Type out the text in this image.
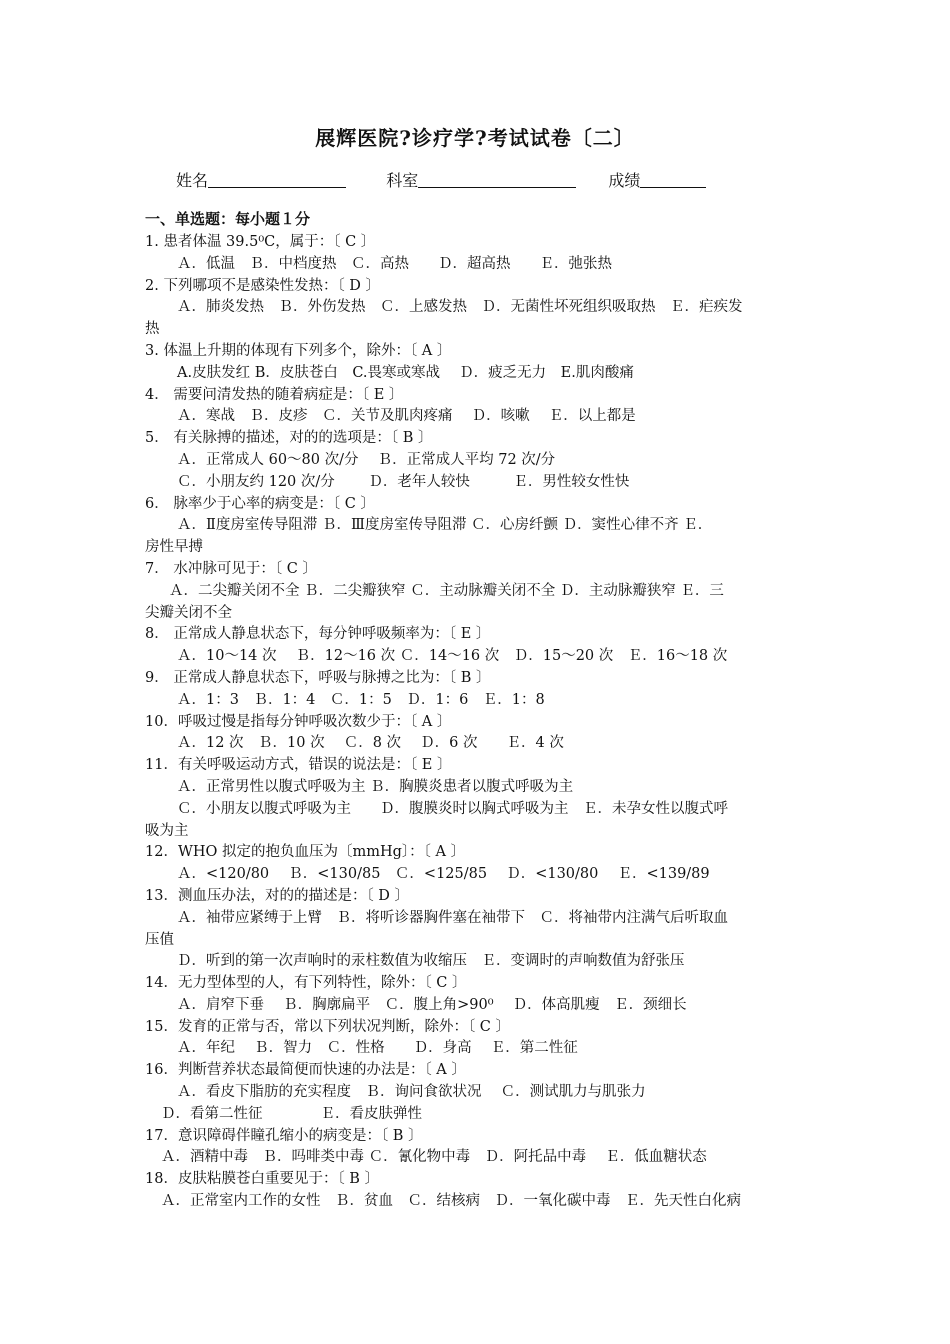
展辉医院?诊疗学?考试试卷〔二〕
姓名	科室	成绩
一、单选题：每小题１分
1. 患者体温 39.5⁰C，属于：〔 C 〕
Ａ．低温　Ｂ．中档度热　Ｃ．高热　　Ｄ．超高热　　Ｅ．弛张热
2. 下列哪项不是感染性发热：〔 D 〕
Ａ．肺炎发热　Ｂ．外伤发热　Ｃ．上感发热　Ｄ．无菌性坏死组织吸取热　Ｅ．疟疾发
热
3. 体温上升期的体现有下列多个，除外：〔 A 〕
A.皮肤发红 B．皮肤苍白　C.畏寒或寒战　 Ｄ．疲乏无力　E.肌肉酸痛
4． 需要问清发热的随着病症是：〔 E 〕
Ａ．寒战　Ｂ．皮疹　Ｃ．关节及肌肉疼痛　 Ｄ．咳嗽　 Ｅ．以上都是
5． 有关脉搏的描述，对的的选项是：〔 B 〕
Ａ．正常成人 60～80 次/分　 Ｂ．正常成人平均 72 次/分
Ｃ．小朋友约 120 次/分　　 Ｄ．老年人较快　　　Ｅ．男性较女性快
6． 脉率少于心率的病变是：〔 C 〕
Ａ．Ⅱ度房室传导阻滞 Ｂ．Ⅲ度房室传导阻滞 Ｃ．心房纤颤 Ｄ．窦性心律不齐 Ｅ．
房性早搏
7． 水冲脉可见于：〔 C 〕
Ａ．二尖瓣关闭不全 Ｂ．二尖瓣狭窄 Ｃ．主动脉瓣关闭不全 Ｄ．主动脉瓣狭窄 Ｅ．三
尖瓣关闭不全
8． 正常成人静息状态下，每分钟呼吸频率为：〔 E 〕
Ａ．10～14 次　 Ｂ．12～16 次 Ｃ．14～16 次　Ｄ．15～20 次　Ｅ．16～18 次
9． 正常成人静息状态下，呼吸与脉搏之比为：〔 B 〕
Ａ．1：3　Ｂ．1：4　Ｃ．1：5　Ｄ．1：6　Ｅ．1：8
10．呼吸过慢是指每分钟呼吸次数少于：〔 A 〕
Ａ．12 次　Ｂ．10 次　 Ｃ．8 次　 Ｄ．6 次　　Ｅ．4 次
11．有关呼吸运动方式，错误的说法是：〔 E 〕
Ａ．正常男性以腹式呼吸为主 Ｂ．胸膜炎患者以腹式呼吸为主
Ｃ．小朋友以腹式呼吸为主　　Ｄ．腹膜炎时以胸式呼吸为主　Ｅ．未孕女性以腹式呼
吸为主
12．WHO 拟定的抱负血压为〔mmHg〕：〔 A 〕
Ａ．<120/80　 Ｂ．<130/85　Ｃ．<125/85　 Ｄ．<130/80　 Ｅ．<139/89
13．测血压办法，对的的描述是：〔 D 〕
Ａ．袖带应紧缚于上臂　Ｂ．将听诊器胸件塞在袖带下　Ｃ．将袖带内注满气后听取血
压值
Ｄ．听到的第一次声响时的汞柱数值为收缩压　Ｅ．变调时的声响数值为舒张压
14．无力型体型的人，有下列特性，除外：〔 C 〕
Ａ．肩窄下垂　 Ｂ．胸廓扁平　Ｃ．腹上角>90⁰　 Ｄ．体高肌瘦　Ｅ．颈细长
15．发育的正常与否，常以下列状况判断，除外：〔 C 〕
Ａ．年纪　 Ｂ．智力　Ｃ．性格　　Ｄ．身高　 Ｅ．第二性征
16．判断营养状态最简便而快速的办法是：〔 A 〕
Ａ．看皮下脂肪的充实程度　Ｂ．询问食欲状况　 Ｃ．测试肌力与肌张力
Ｄ．看第二性征　　　　Ｅ．看皮肤弹性
17．意识障碍伴瞳孔缩小的病变是：〔 B 〕
Ａ．酒精中毒　Ｂ．吗啡类中毒 Ｃ．氰化物中毒　Ｄ．阿托品中毒　 Ｅ．低血糖状态
18．皮肤粘膜苍白重要见于：〔 B 〕
Ａ．正常室内工作的女性　Ｂ．贫血　Ｃ．结核病　Ｄ．一氧化碳中毒　Ｅ．先天性白化病
